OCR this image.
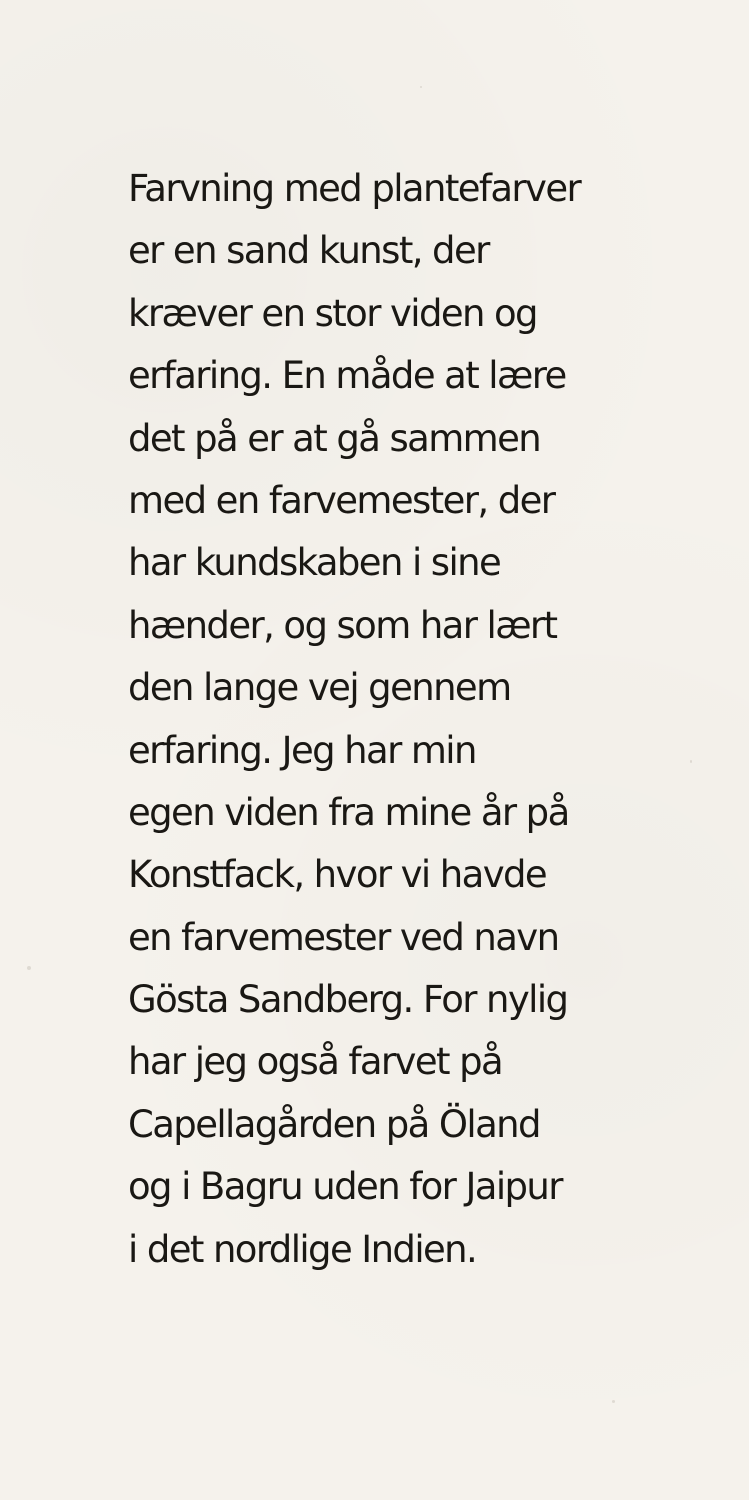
Farvning med plantefarver
er en sand kunst, der
kræver en stor viden og
erfaring. En måde at lære
det på er at gå sammen
med en farvemester, der
har kundskaben i sine
hænder, og som har lært
den lange vej gennem
erfaring. Jeg har min
egen viden fra mine år på
Konstfack, hvor vi havde
en farvemester ved navn
Gösta Sandberg. For nylig
har jeg også farvet på
Capellagården på Öland
og i Bagru uden for Jaipur
i det nordlige Indien.
